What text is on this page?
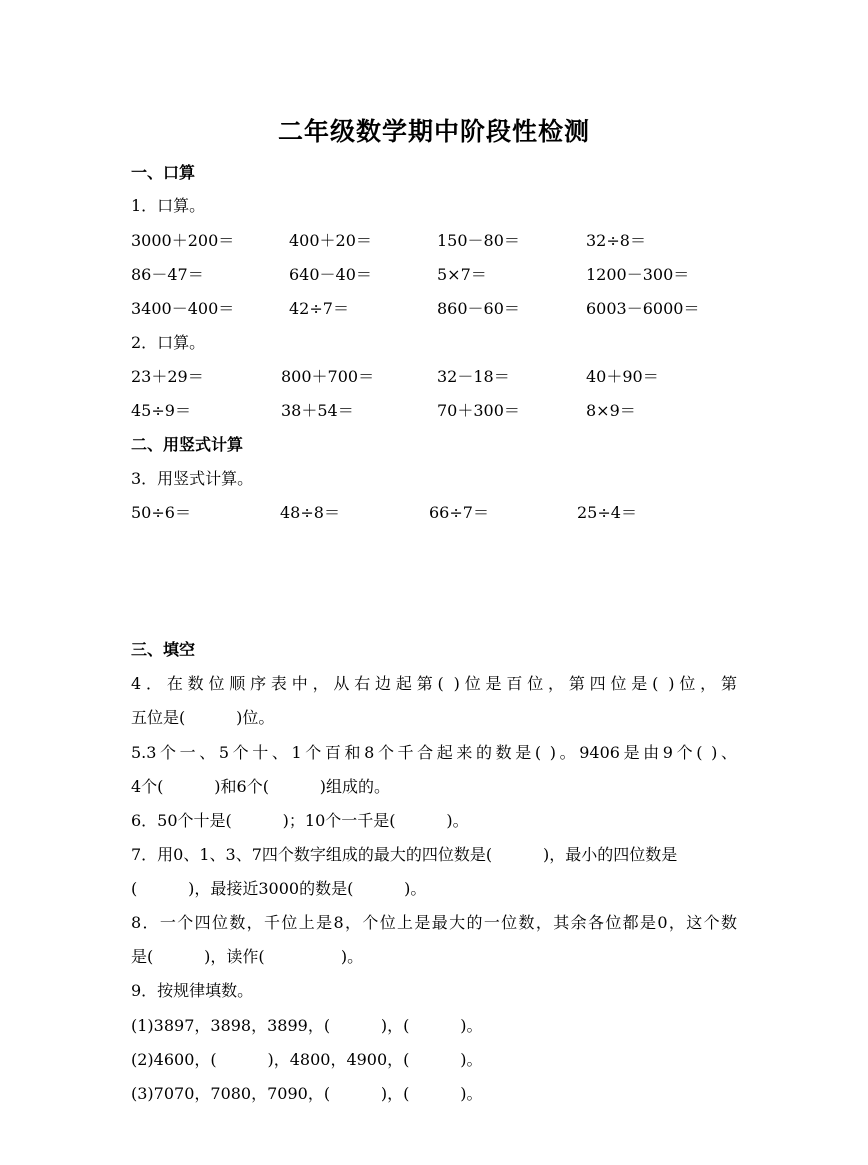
二年级数学期中阶段性检测
一、口算
1．口算。
3000＋200＝	400＋20＝	150－80＝	32÷8＝
86－47＝	640－40＝	5×7＝	1200－300＝
3400－400＝	42÷7＝	860－60＝	6003－6000＝
2．口算。
23＋29＝	800＋700＝	32－18＝	40＋90＝
45÷9＝	38＋54＝	70＋300＝	8×9＝
二、用竖式计算
3．用竖式计算。
50÷6＝	48÷8＝	66÷7＝	25÷4＝
三、填空
4．在数位顺序表中，从右边起第( )位是百位，第四位是( )位，第
五位是(          )位。
5.3个一、5个十、1个百和8个千合起来的数是( )。9406是由9个( )、
4个(          )和6个(          )组成的。
6．50个十是(          )；10个一千是(          )。
7．用0、1、3、7四个数字组成的最大的四位数是(          )，最小的四位数是
(          )，最接近3000的数是(          )。
8．一个四位数，千位上是8，个位上是最大的一位数，其余各位都是0，这个数
是(          )，读作(               )。
9．按规律填数。
(1)3897，3898，3899，(          )，(          )。
(2)4600，(          )，4800，4900，(          )。
(3)7070，7080，7090，(          )，(          )。
